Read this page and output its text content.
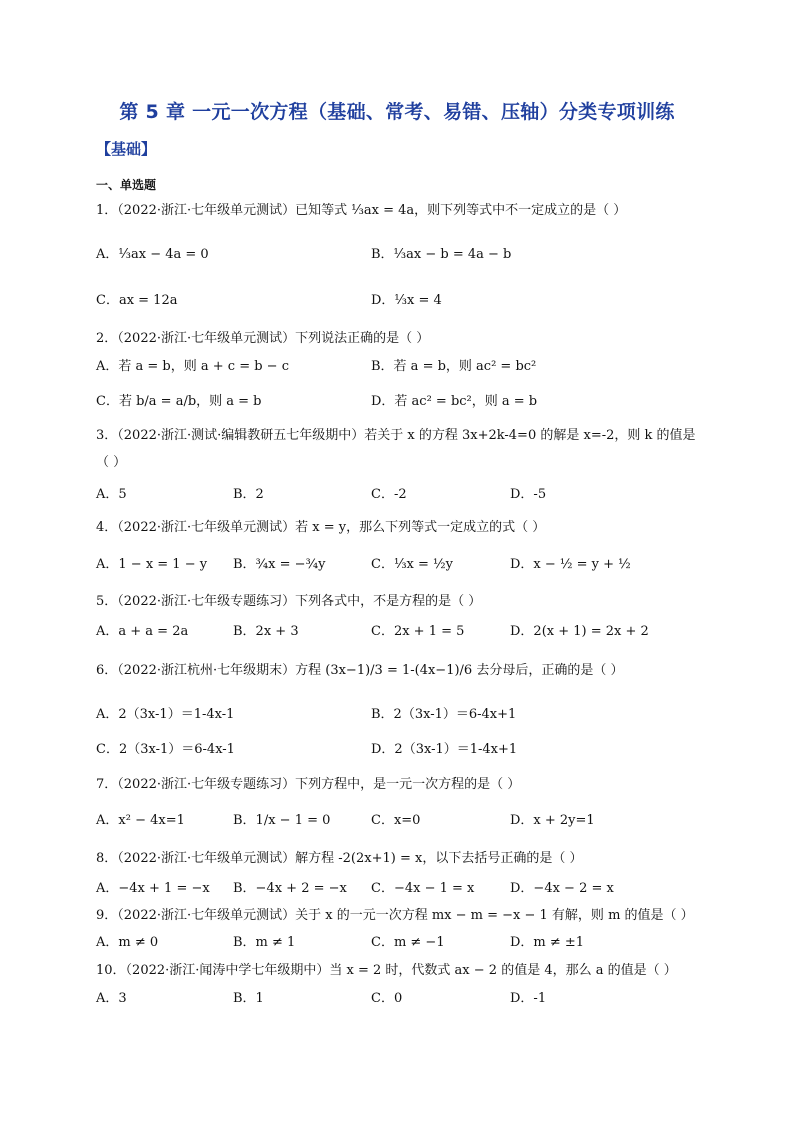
第 5 章 一元一次方程（基础、常考、易错、压轴）分类专项训练
【基础】
一、单选题
1．（2022·浙江·七年级单元测试）已知等式 ⅓ax = 4a，则下列等式中不一定成立的是（ ）
A．⅓ax − 4a = 0	B．⅓ax − b = 4a − b
C．ax = 12a	D．⅓x = 4
2．（2022·浙江·七年级单元测试）下列说法正确的是（ ）
A．若 a = b，则 a + c = b − c	B．若 a = b，则 ac² = bc²
C．若 b/a = a/b，则 a = b	D．若 ac² = bc²，则 a = b
3．（2022·浙江·测试·编辑教研五七年级期中）若关于 x 的方程 3x+2k-4=0 的解是 x=-2，则 k 的值是
（ ）
A．5	B．2	C．-2	D．-5
4．（2022·浙江·七年级单元测试）若 x = y，那么下列等式一定成立的式（ ）
A．1 − x = 1 − y B．¾x = −¾y	C．⅓x = ½y	D．x − ½ = y + ½
5．（2022·浙江·七年级专题练习）下列各式中，不是方程的是（ ）
A．a + a = 2a	B．2x + 3	C．2x + 1 = 5	D．2(x + 1) = 2x + 2
6．（2022·浙江杭州·七年级期末）方程 (3x−1)/3 = 1-(4x−1)/6 去分母后，正确的是（ ）
A．2（3x-1）＝1-4x-1	B．2（3x-1）＝6-4x+1
C．2（3x-1）＝6-4x-1	D．2（3x-1）＝1-4x+1
7．（2022·浙江·七年级专题练习）下列方程中，是一元一次方程的是（ ）
A．x² − 4x=1	B．1/x − 1 = 0	C．x=0	D．x + 2y=1
8．（2022·浙江·七年级单元测试）解方程 -2(2x+1) = x，以下去括号正确的是（ ）
A．−4x + 1 = −x B．−4x + 2 = −x C．−4x − 1 = x	D．−4x − 2 = x
9．（2022·浙江·七年级单元测试）关于 x 的一元一次方程 mx − m = −x − 1 有解，则 m 的值是（ ）
A．m ≠ 0	B．m ≠ 1	C．m ≠ −1	D．m ≠ ±1
10．（2022·浙江·闻涛中学七年级期中）当 x = 2 时，代数式 ax − 2 的值是 4，那么 a 的值是（ ）
A．3	B．1	C．0	D．-1
